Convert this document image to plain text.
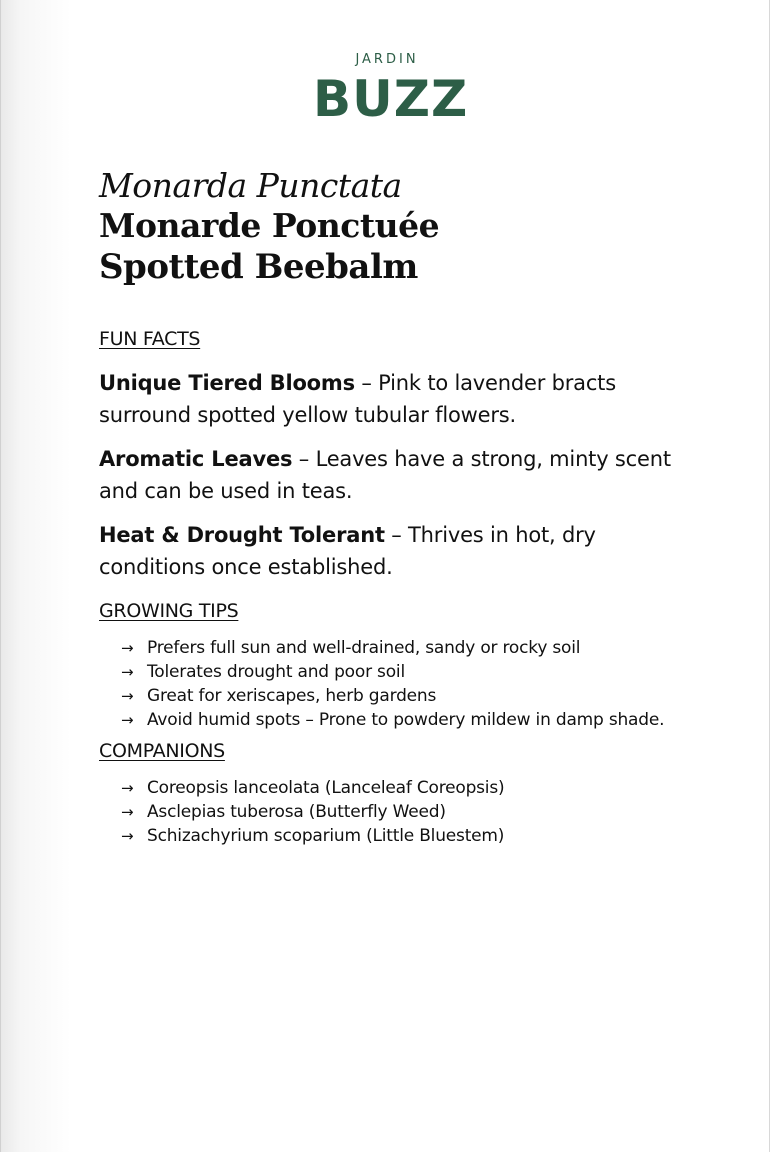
JARDIN
BUZZ
Monarda Punctata
Monarde Ponctuée
Spotted Beebalm
FUN FACTS
Unique Tiered Blooms – Pink to lavender bracts surround spotted yellow tubular flowers.
Aromatic Leaves – Leaves have a strong, minty scent and can be used in teas.
Heat & Drought Tolerant – Thrives in hot, dry conditions once established.
GROWING TIPS
→ Prefers full sun and well-drained, sandy or rocky soil
→ Tolerates drought and poor soil
→ Great for xeriscapes, herb gardens
→ Avoid humid spots – Prone to powdery mildew in damp shade.
COMPANIONS
→ Coreopsis lanceolata (Lanceleaf Coreopsis)
→ Asclepias tuberosa (Butterfly Weed)
→ Schizachyrium scoparium (Little Bluestem)
